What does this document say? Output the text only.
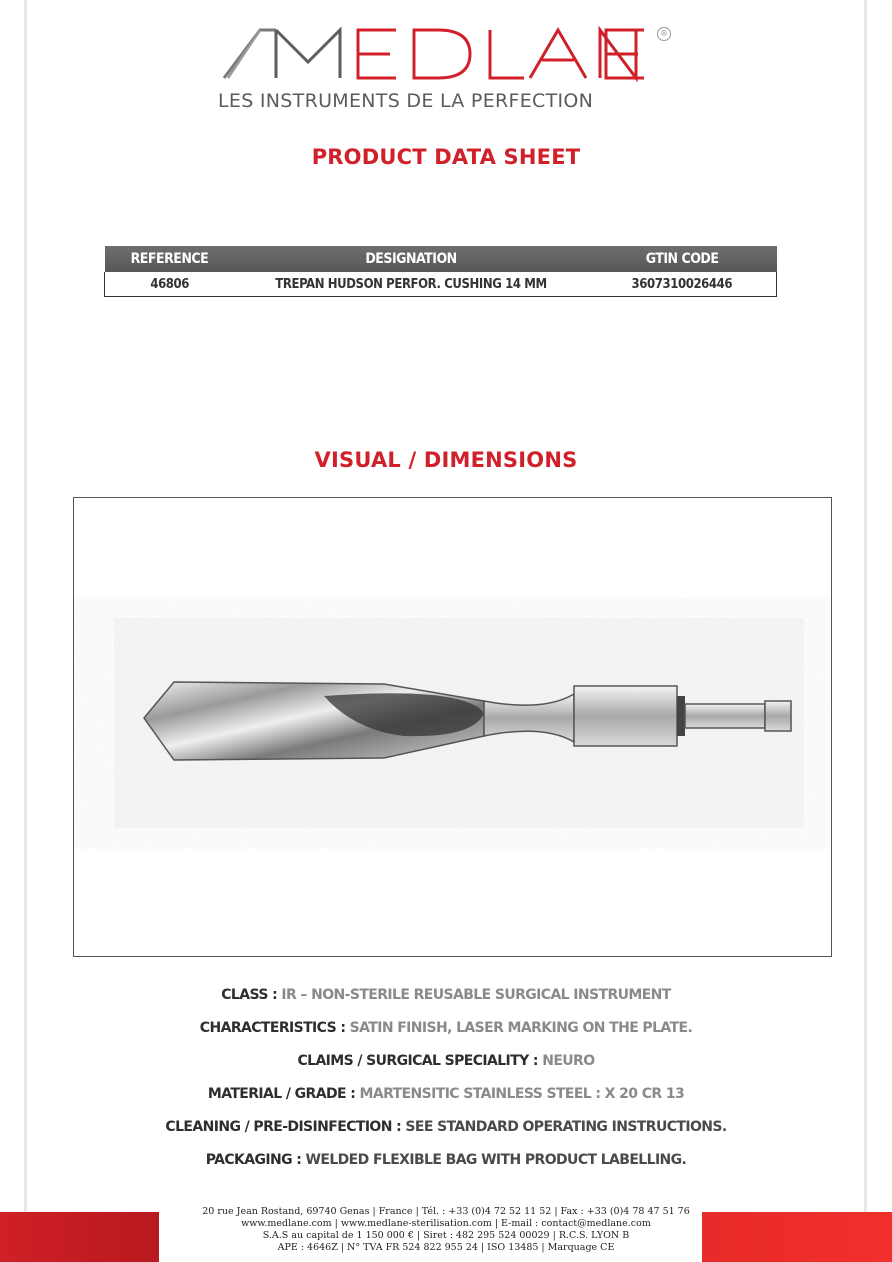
®
LES INSTRUMENTS DE LA PERFECTION
PRODUCT DATA SHEET
REFERENCE	DESIGNATION	GTIN CODE
46806	TREPAN HUDSON PERFOR. CUSHING 14 MM	3607310026446
VISUAL / DIMENSIONS
CLASS : IR – NON-STERILE REUSABLE SURGICAL INSTRUMENT
CHARACTERISTICS : SATIN FINISH, LASER MARKING ON THE PLATE.
CLAIMS / SURGICAL SPECIALITY : NEURO
MATERIAL / GRADE : MARTENSITIC STAINLESS STEEL : X 20 CR 13
CLEANING / PRE-DISINFECTION : SEE STANDARD OPERATING INSTRUCTIONS.
PACKAGING : WELDED FLEXIBLE BAG WITH PRODUCT LABELLING.
20 rue Jean Rostand, 69740 Genas | France | Tél. : +33 (0)4 72 52 11 52 | Fax : +33 (0)4 78 47 51 76
www.medlane.com | www.medlane-sterilisation.com | E-mail : contact@medlane.com
S.A.S au capital de 1 150 000 € | Siret : 482 295 524 00029 | R.C.S. LYON B
APE : 4646Z | N° TVA FR 524 822 955 24 | ISO 13485 | Marquage CE
